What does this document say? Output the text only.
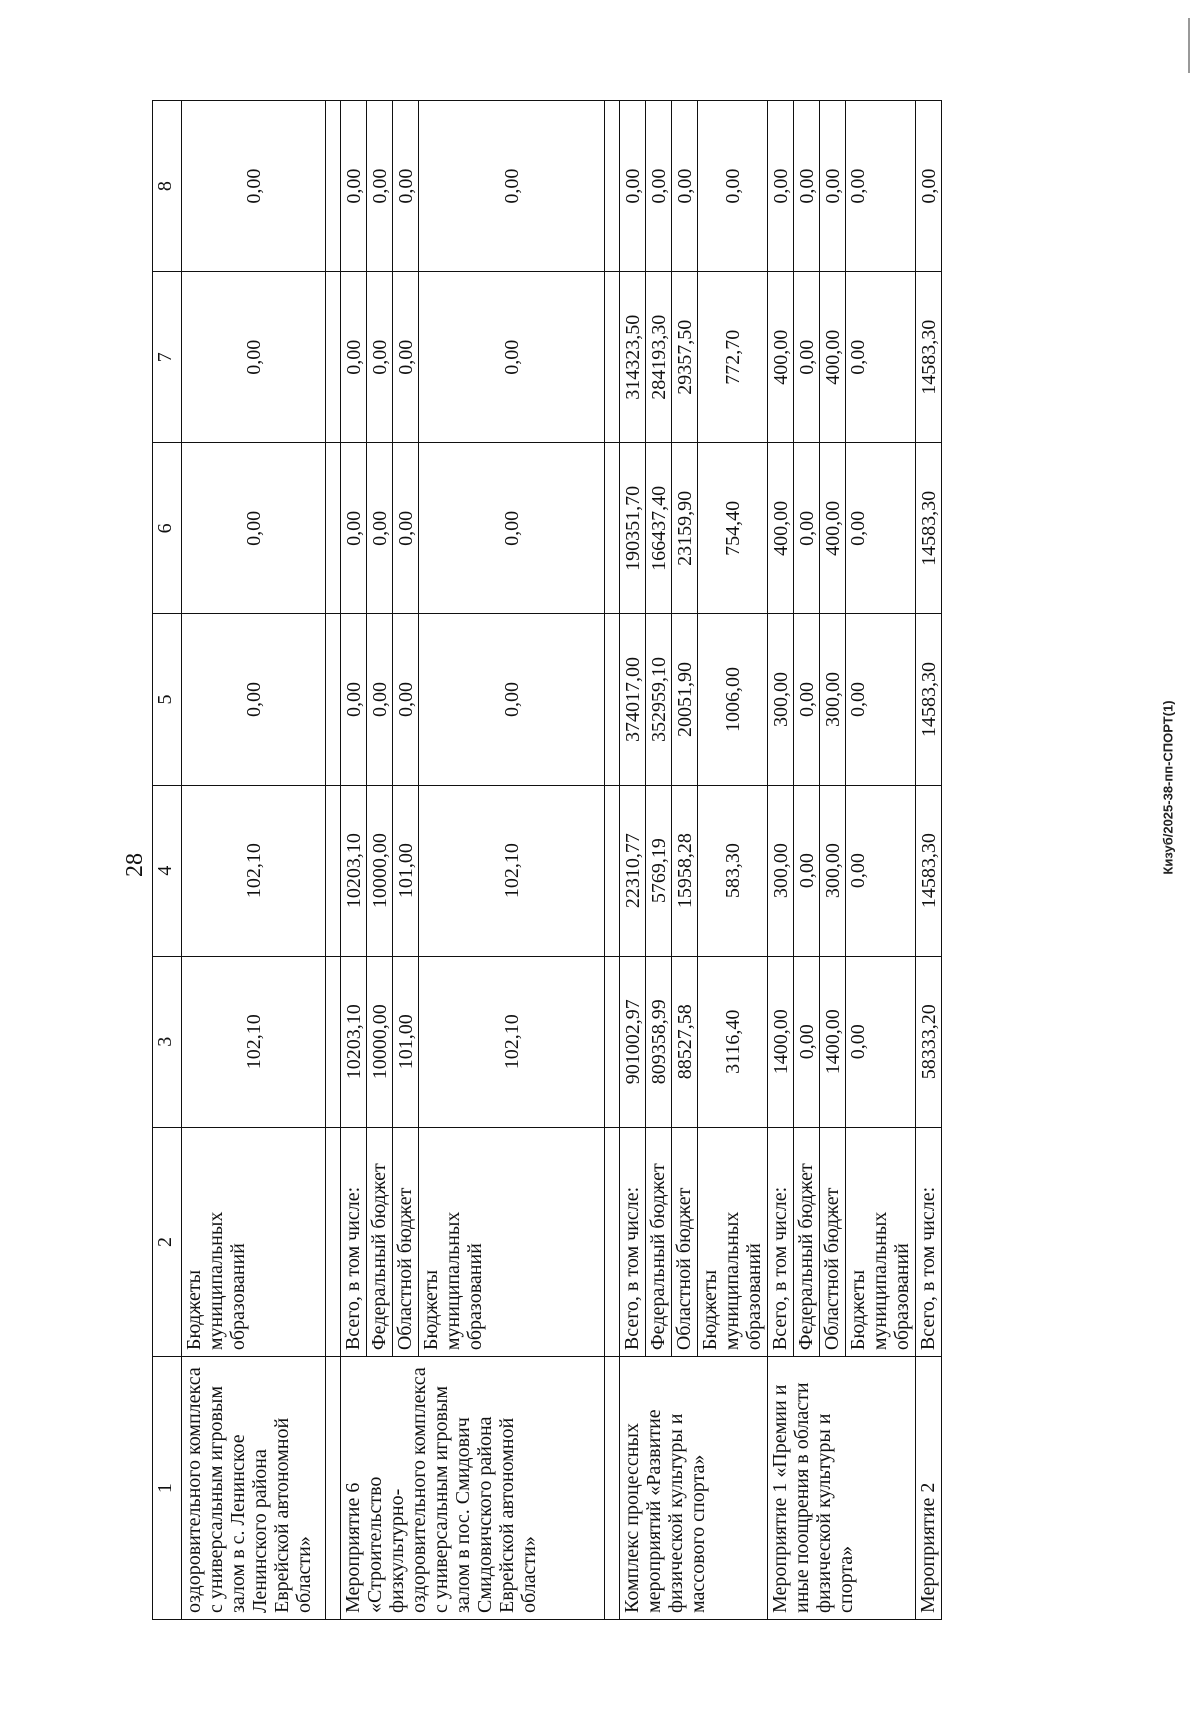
28
1	2	3	4	5	6	7	8
оздоровительного комплекса с универсальным игровым залом в с. Ленинское Ленинского района Еврейской автономной области»	Бюджеты муниципальных образований	102,10	102,10	0,00	0,00	0,00	0,00

Мероприятие 6 «Строительство физкультурно-оздоровительного комплекса с универсальным игровым залом в пос. Смидович Смидовичского района Еврейской автономной области»	Всего, в том числе:	10203,10	10203,10	0,00	0,00	0,00	0,00
	Федеральный бюджет	10000,00	10000,00	0,00	0,00	0,00	0,00
	Областной бюджет	101,00	101,00	0,00	0,00	0,00	0,00
	Бюджеты муниципальных образований	102,10	102,10	0,00	0,00	0,00	0,00

Комплекс процессных мероприятий «Развитие физической культуры и массового спорта»	Всего, в том числе:	901002,97	22310,77	374017,00	190351,70	314323,50	0,00
	Федеральный бюджет	809358,99	5769,19	352959,10	166437,40	284193,30	0,00
	Областной бюджет	88527,58	15958,28	20051,90	23159,90	29357,50	0,00
	Бюджеты муниципальных образований	3116,40	583,30	1006,00	754,40	772,70	0,00
Мероприятие 1 «Премии и иные поощрения в области физической культуры и спорта»	Всего, в том числе:	1400,00	300,00	300,00	400,00	400,00	0,00
	Федеральный бюджет	0,00	0,00	0,00	0,00	0,00	0,00
	Областной бюджет	1400,00	300,00	300,00	400,00	400,00	0,00
	Бюджеты муниципальных образований	0,00	0,00	0,00	0,00	0,00	0,00
Мероприятие 2	Всего, в том числе:	58333,20	14583,30	14583,30	14583,30	14583,30	0,00
Кизуб/2025-38-пп-СПОРТ(1)
